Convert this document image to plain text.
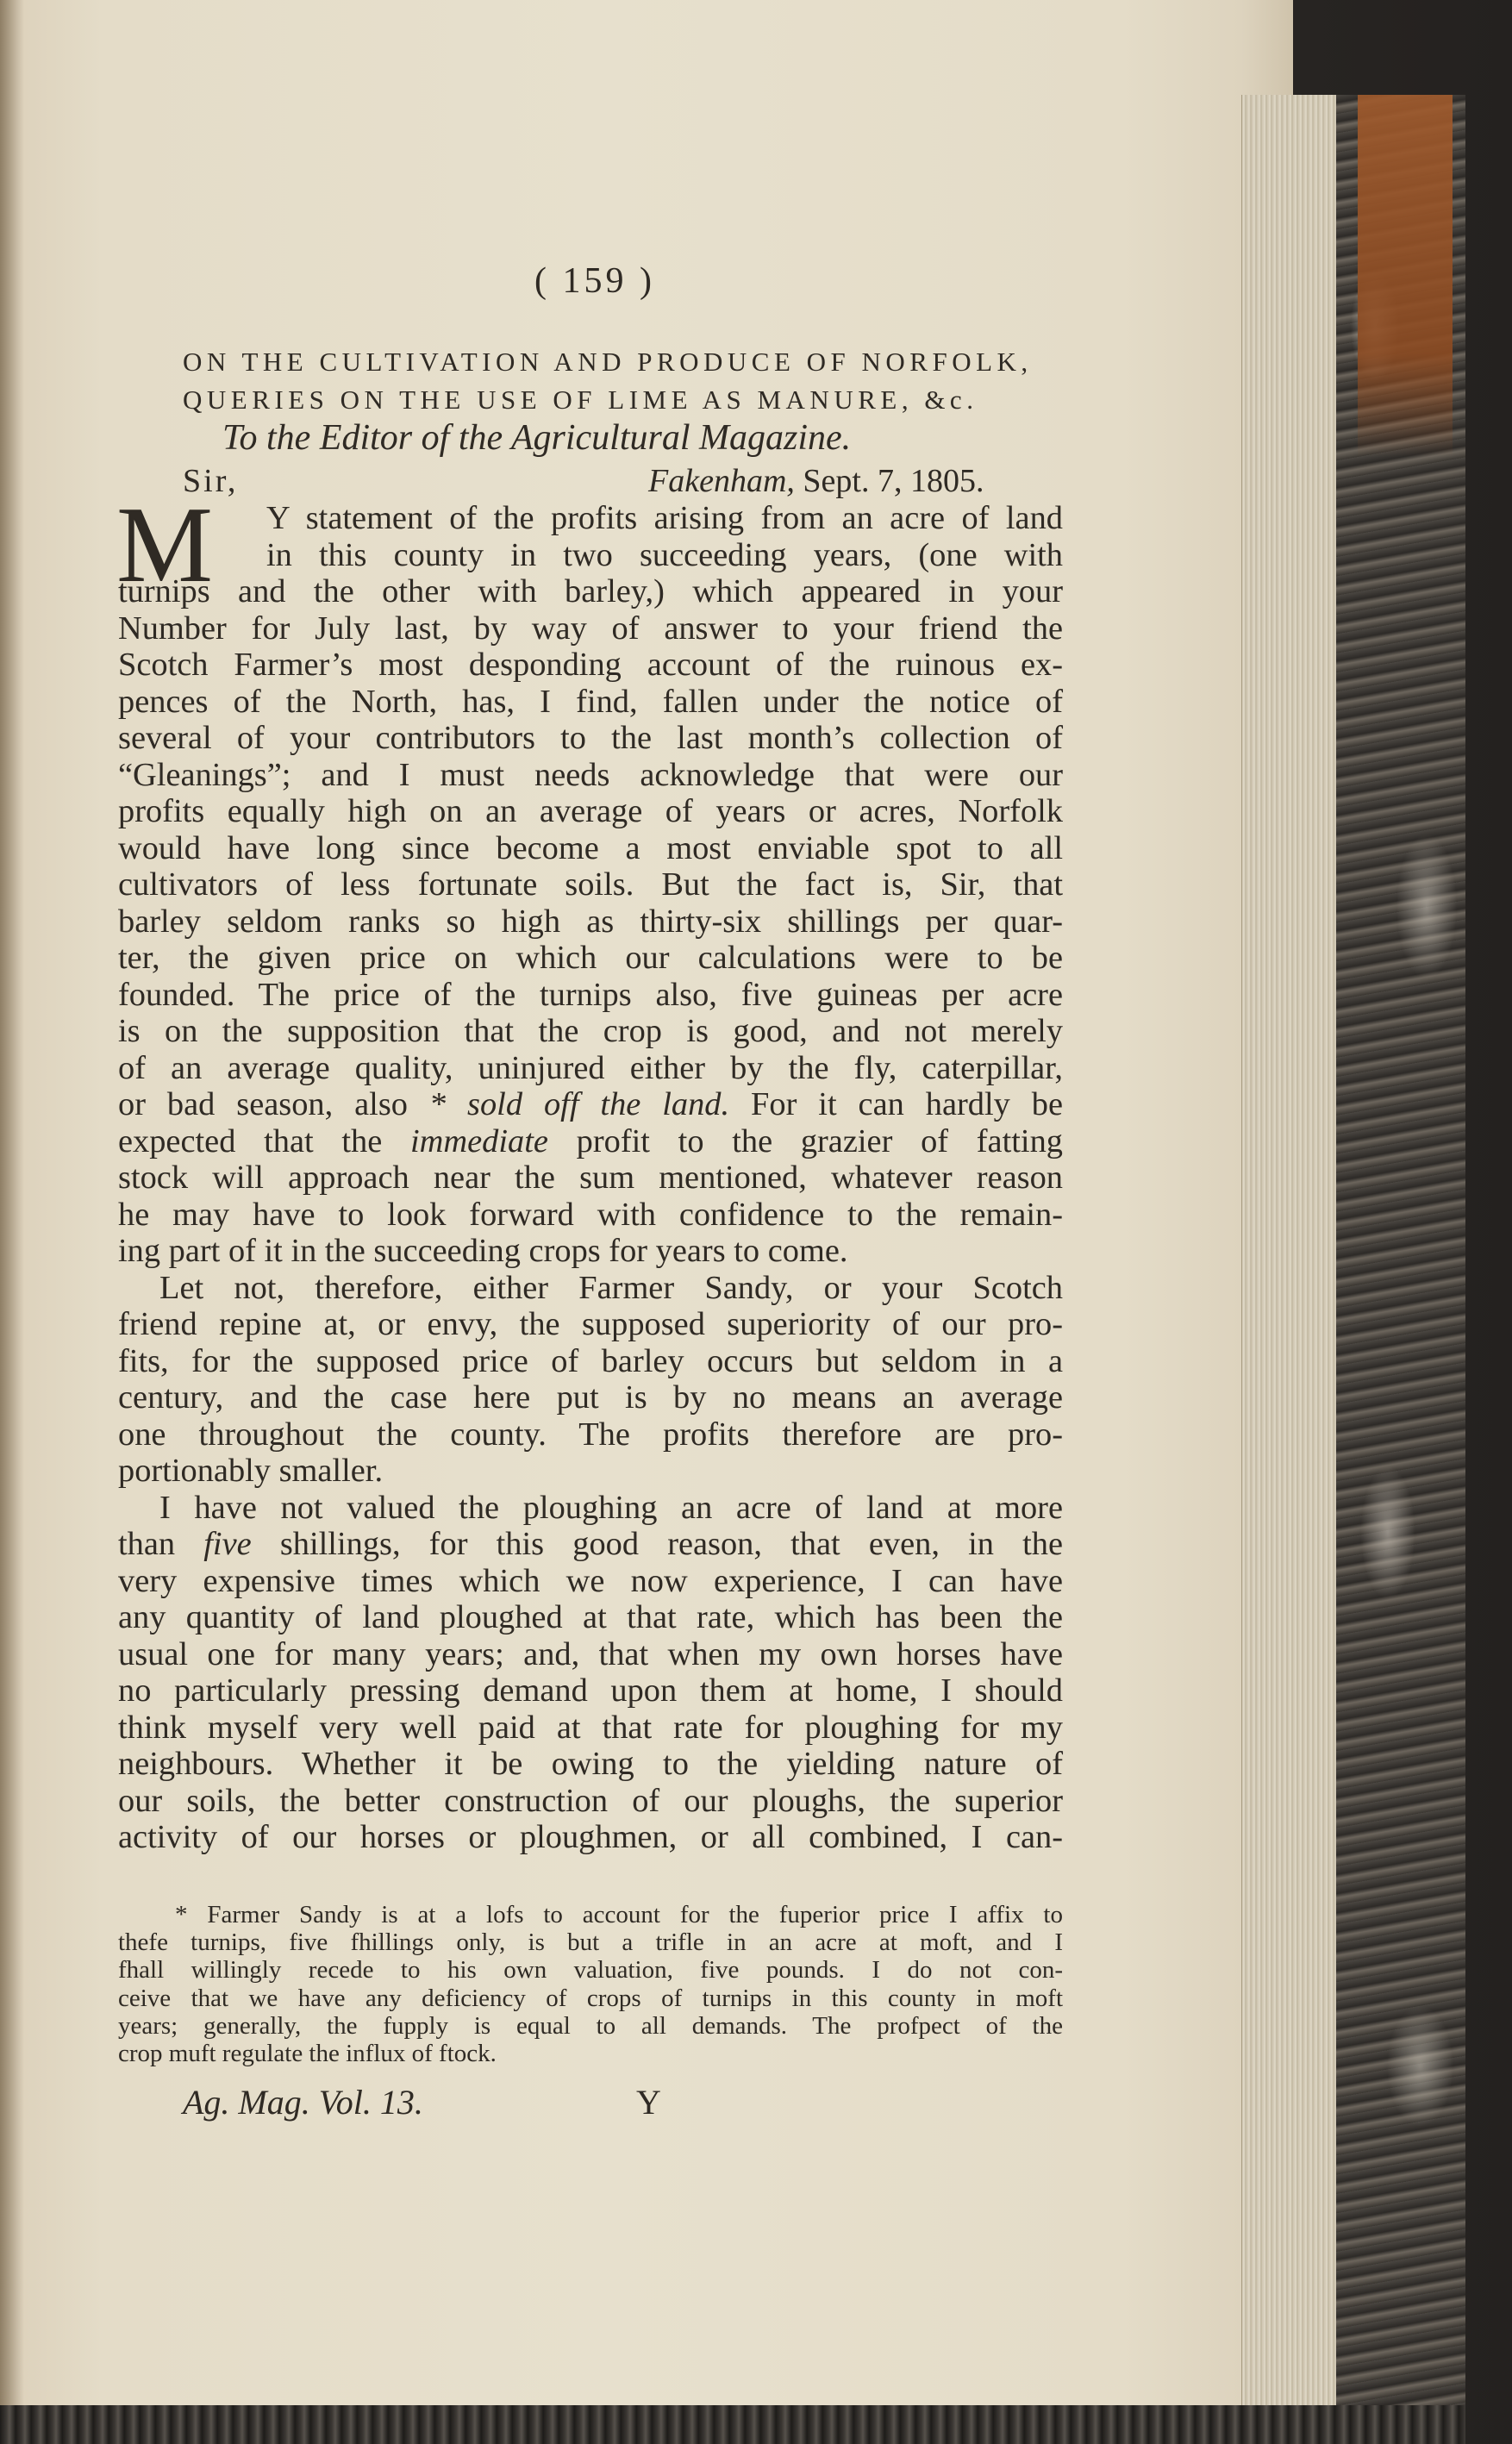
( 159 )
ON THE CULTIVATION AND PRODUCE OF NORFOLK,
QUERIES ON THE USE OF LIME AS MANURE, &c.
To the Editor of the Agricultural Magazine.
Sir,	Fakenham, Sept. 7, 1805.
M	Y statement of the profits arising from an acre of land
in this county in two succeeding years, (one with
turnips and the other with barley,) which appeared in your
Number for July last, by way of answer to your friend the
Scotch Farmer’s most desponding account of the ruinous ex-
pences of the North, has, I find, fallen under the notice of
several of your contributors to the last month’s collection of
“Gleanings”; and I must needs acknowledge that were our
profits equally high on an average of years or acres, Norfolk
would have long since become a most enviable spot to all
cultivators of less fortunate soils. But the fact is, Sir, that
barley seldom ranks so high as thirty-six shillings per quar-
ter, the given price on which our calculations were to be
founded. The price of the turnips also, five guineas per acre
is on the supposition that the crop is good, and not merely
of an average quality, uninjured either by the fly, caterpillar,
or bad season, also * sold off the land. For it can hardly be
expected that the immediate profit to the grazier of fatting
stock will approach near the sum mentioned, whatever reason
he may have to look forward with confidence to the remain-
ing part of it in the succeeding crops for years to come.
Let not, therefore, either Farmer Sandy, or your Scotch
friend repine at, or envy, the supposed superiority of our pro-
fits, for the supposed price of barley occurs but seldom in a
century, and the case here put is by no means an average
one throughout the county. The profits therefore are pro-
portionably smaller.
I have not valued the ploughing an acre of land at more
than five shillings, for this good reason, that even, in the
very expensive times which we now experience, I can have
any quantity of land ploughed at that rate, which has been the
usual one for many years; and, that when my own horses have
no particularly pressing demand upon them at home, I should
think myself very well paid at that rate for ploughing for my
neighbours. Whether it be owing to the yielding nature of
our soils, the better construction of our ploughs, the superior
activity of our horses or ploughmen, or all combined, I can-
* Farmer Sandy is at a lofs to account for the fuperior price I affix to
thefe turnips, five fhillings only, is but a trifle in an acre at moft, and I
fhall willingly recede to his own valuation, five pounds. I do not con-
ceive that we have any deficiency of crops of turnips in this county in moft
years; generally, the fupply is equal to all demands. The profpect of the
crop muft regulate the influx of ftock.
Ag. Mag. Vol. 13.	Y
